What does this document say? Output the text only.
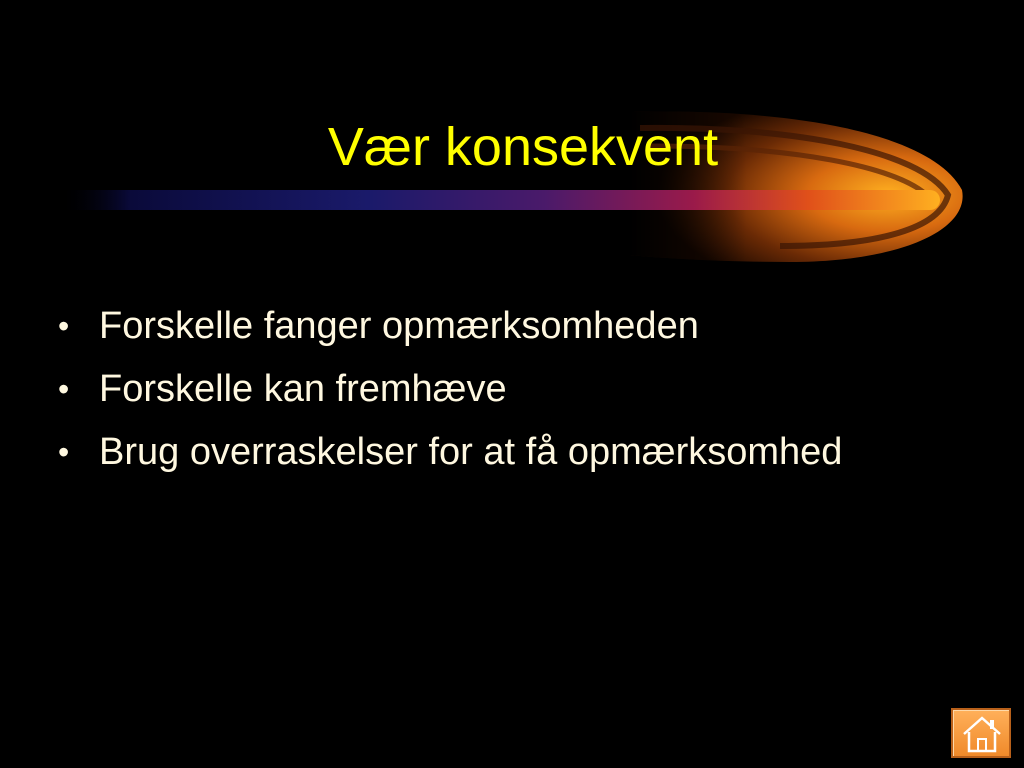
Vær konsekvent
• Forskelle fanger opmærksomheden
• Forskelle kan fremhæve
• Brug overraskelser for at få opmærksomhed
